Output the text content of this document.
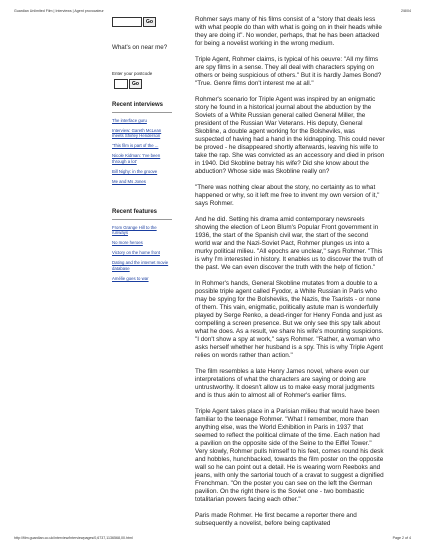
Guardian Unlimited Film | Interviews | Agent provocateur	2/8/04
Go
What's on near me?
Enter your postcode
Go
Recent interviews
The interface guru
Interview: Gareth McLean meets Shirley Henderson
'This film is part of the ...
Nicole Kidman: 'I've been through a lot'
Bill Nighy: in the groove
Me and Ms Jones
Recent features
From Grange Hill to the runways
No more heroes
Victory on the home front
Dating and the internet movie database
Amélie goes to war

Rohmer says many of his films consist of a "story that deals less with what people do than with what is going on in their heads while they are doing it". No wonder, perhaps, that he has been attacked for being a novelist working in the wrong medium.

Triple Agent, Rohmer claims, is typical of his oeuvre: "All my films are spy films in a sense. They all deal with characters spying on others or being suspicious of others." But it is hardly James Bond? "True. Genre films don't interest me at all."

Rohmer's scenario for Triple Agent was inspired by an enigmatic story he found in a historical journal about the abduction by the Soviets of a White Russian general called General Miller, the president of the Russian War Veterans. His deputy, General Skobline, a double agent working for the Bolsheviks, was suspected of having had a hand in the kidnapping. This could never be proved - he disappeared shortly afterwards, leaving his wife to take the rap. She was convicted as an accessory and died in prison in 1940. Did Skobline betray his wife? Did she know about the abduction? Whose side was Skobline really on?

"There was nothing clear about the story, no certainty as to what happened or why, so it left me free to invent my own version of it," says Rohmer.

And he did. Setting his drama amid contemporary newsreels showing the election of Leon Blum's Popular Front government in 1936, the start of the Spanish civil war, the start of the second world war and the Nazi-Soviet Pact, Rohmer plunges us into a murky political milieu. "All epochs are unclear," says Rohmer. "This is why I'm interested in history. It enables us to discover the truth of the past. We can even discover the truth with the help of fiction."

In Rohmer's hands, General Skobline mutates from a double to a possible triple agent called Fyodor, a White Russian in Paris who may be spying for the Bolsheviks, the Nazis, the Tsarists - or none of them. This vain, enigmatic, politically astute man is wonderfully played by Serge Renko, a dead-ringer for Henry Fonda and just as compelling a screen presence. But we only see this spy talk about what he does. As a result, we share his wife's mounting suspicions. "I don't show a spy at work," says Rohmer. "Rather, a woman who asks herself whether her husband is a spy. This is why Triple Agent relies on words rather than action."

The film resembles a late Henry James novel, where even our interpretations of what the characters are saying or doing are untrustworthy. It doesn't allow us to make easy moral judgments and is thus akin to almost all of Rohmer's earlier films.

Triple Agent takes place in a Parisian milieu that would have been familiar to the teenage Rohmer. "What I remember, more than anything else, was the World Exhibition in Paris in 1937 that seemed to reflect the political climate of the time. Each nation had a pavilion on the opposite side of the Seine to the Eiffel Tower." Very slowly, Rohmer pulls himself to his feet, comes round his desk and hobbles, hunchbacked, towards the film poster on the opposite wall so he can point out a detail. He is wearing worn Reeboks and jeans, with only the sartorial touch of a cravat to suggest a dignified Frenchman. "On the poster you can see on the left the German pavilion. On the right there is the Soviet one - two bombastic totalitarian powers facing each other."

Paris made Rohmer. He first became a reporter there and subsequently a novelist, before being captivated

http://film.guardian.co.uk/interview/interviewpages/0,6737,1136568,00.html	Page 2 of 4
